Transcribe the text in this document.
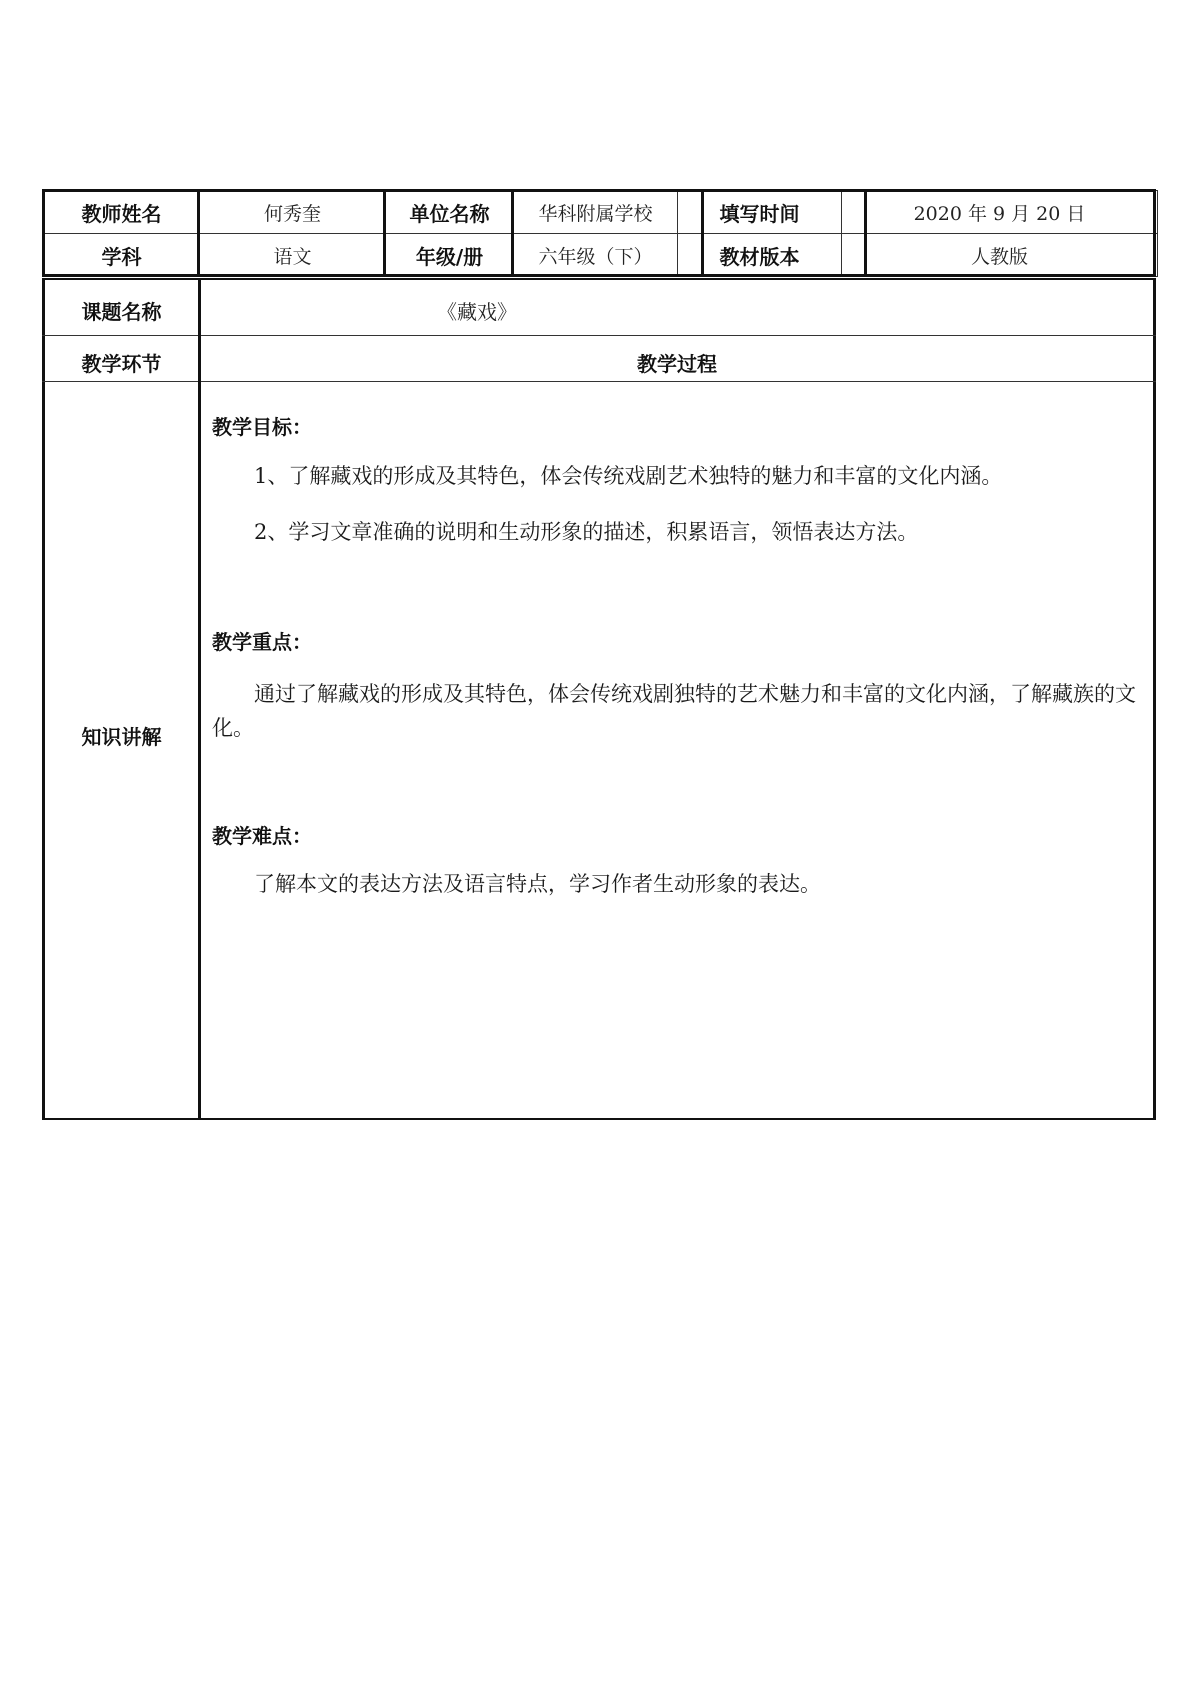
教师姓名	何秀奎	单位名称	华科附属学校	填写时间	2020 年 9 月 20 日
学科	语文	年级/册	六年级（下）	教材版本	人教版
课题名称	《藏戏》
教学环节	教学过程
知识讲解
教学目标：

1、了解藏戏的形成及其特色，体会传统戏剧艺术独特的魅力和丰富的文化内涵。

2、学习文章准确的说明和生动形象的描述，积累语言，领悟表达方法。

教学重点：

通过了解藏戏的形成及其特色，体会传统戏剧独特的艺术魅力和丰富的文化内涵，了解藏族的文化。

教学难点：

了解本文的表达方法及语言特点，学习作者生动形象的表达。
